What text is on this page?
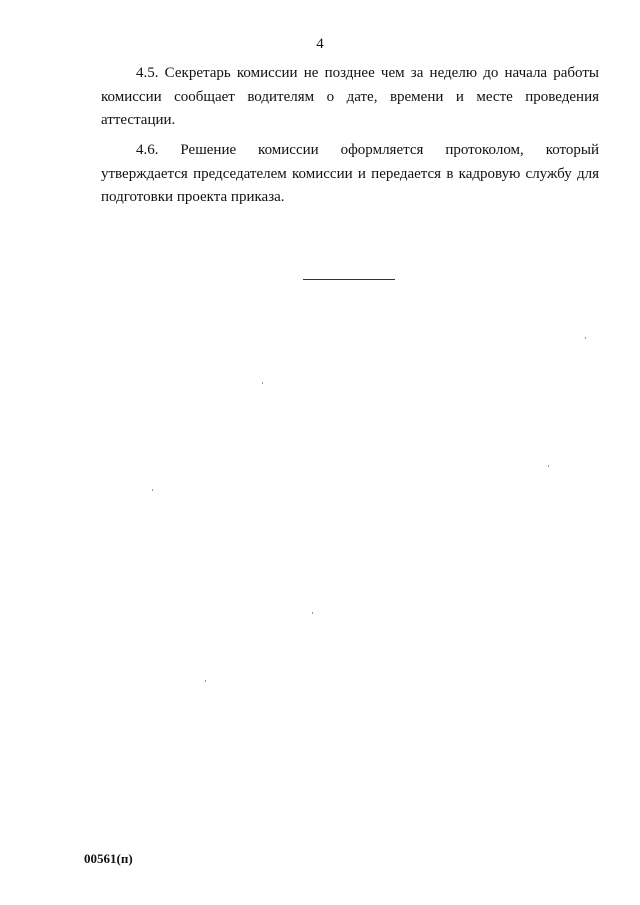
4
4.5. Секретарь комиссии не позднее чем за неделю до начала работы
комиссии сообщает водителям о дате, времени и месте проведения
аттестации.
4.6. Решение комиссии оформляется протоколом, который
утверждается председателем комиссии и передается в кадровую службу для
подготовки проекта приказа.
00561(п)
